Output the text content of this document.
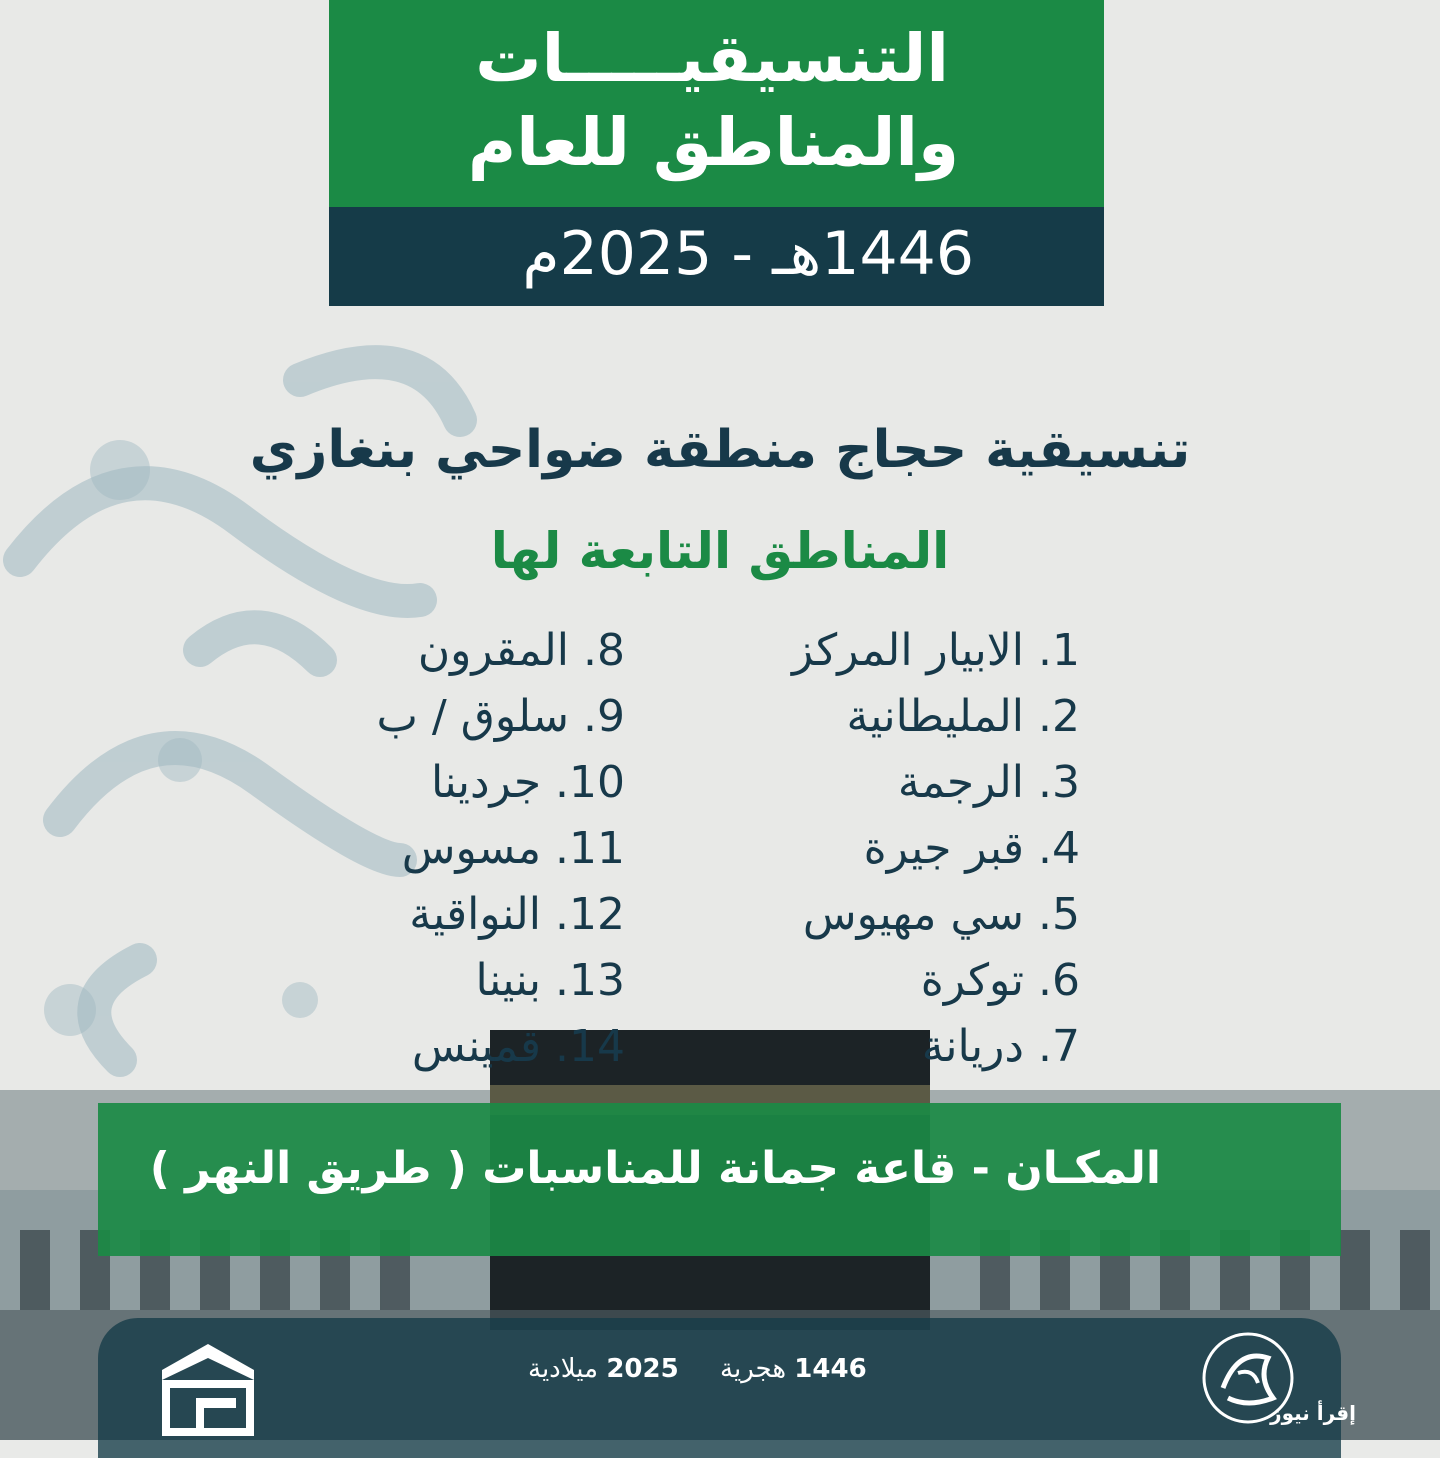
التنسيقيـــــات
والمناطق للعام
1446هـ - 2025م
تنسيقية حجاج منطقة ضواحي بنغازي
المناطق التابعة لها
1. الابيار المركز
2. المليطانية
3. الرجمة
4. قبر جيرة
5. سي مهيوس
6. توكرة
7. دريانة
8. المقرون
9. سلوق / ب
10. جردينا
11. مسوس
12. النواقية
13. بنينا
14. قمينس
المكـان - قاعة جمانة للمناسبات ( طريق النهر )
1446 هجرية     2025 ميلادية
إقرأ نيوز
